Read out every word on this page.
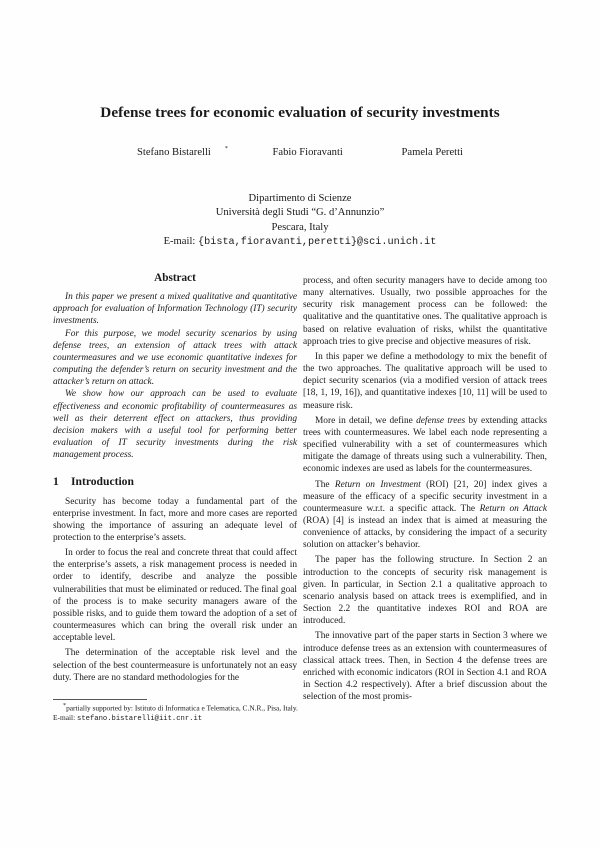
Defense trees for economic evaluation of security investments
Stefano Bistarelli *	Fabio Fioravanti	Pamela Peretti
Dipartimento di Scienze
Università degli Studi “G. d’Annunzio”
Pescara, Italy
E-mail: {bista,fioravanti,peretti}@sci.unich.it
Abstract

In this paper we present a mixed qualitative and quantitative approach for evaluation of Information Technology (IT) security investments.

For this purpose, we model security scenarios by using defense trees, an extension of attack trees with attack countermeasures and we use economic quantitative indexes for computing the defender’s return on security investment and the attacker’s return on attack.

We show how our approach can be used to evaluate effectiveness and economic profitability of countermeasures as well as their deterrent effect on attackers, thus providing decision makers with a useful tool for performing better evaluation of IT security investments during the risk management process.

1 Introduction

Security has become today a fundamental part of the enterprise investment. In fact, more and more cases are reported showing the importance of assuring an adequate level of protection to the enterprise’s assets.

In order to focus the real and concrete threat that could affect the enterprise’s assets, a risk management process is needed in order to identify, describe and analyze the possible vulnerabilities that must be eliminated or reduced. The final goal of the process is to make security managers aware of the possible risks, and to guide them toward the adoption of a set of countermeasures which can bring the overall risk under an acceptable level.

The determination of the acceptable risk level and the selection of the best countermeasure is unfortunately not an easy duty. There are no standard methodologies for the

*partially supported by: Istituto di Informatica e Telematica, C.N.R., Pisa, Italy. E-mail: stefano.bistarelli@iit.cnr.it

process, and often security managers have to decide among too many alternatives. Usually, two possible approaches for the security risk management process can be followed: the qualitative and the quantitative ones. The qualitative approach is based on relative evaluation of risks, whilst the quantitative approach tries to give precise and objective measures of risk.

In this paper we define a methodology to mix the benefit of the two approaches. The qualitative approach will be used to depict security scenarios (via a modified version of attack trees [18, 1, 19, 16]), and quantitative indexes [10, 11] will be used to measure risk.

More in detail, we define defense trees by extending attacks trees with countermeasures. We label each node representing a specified vulnerability with a set of countermeasures which mitigate the damage of threats using such a vulnerability. Then, economic indexes are used as labels for the countermeasures.

The Return on Investment (ROI) [21, 20] index gives a measure of the efficacy of a specific security investment in a countermeasure w.r.t. a specific attack. The Return on Attack (ROA) [4] is instead an index that is aimed at measuring the convenience of attacks, by considering the impact of a security solution on attacker’s behavior.

The paper has the following structure. In Section 2 an introduction to the concepts of security risk management is given. In particular, in Section 2.1 a qualitative approach to scenario analysis based on attack trees is exemplified, and in Section 2.2 the quantitative indexes ROI and ROA are introduced.

The innovative part of the paper starts in Section 3 where we introduce defense trees as an extension with countermeasures of classical attack trees. Then, in Section 4 the defense trees are enriched with economic indicators (ROI in Section 4.1 and ROA in Section 4.2 respectively). After a brief discussion about the selection of the most promis-
